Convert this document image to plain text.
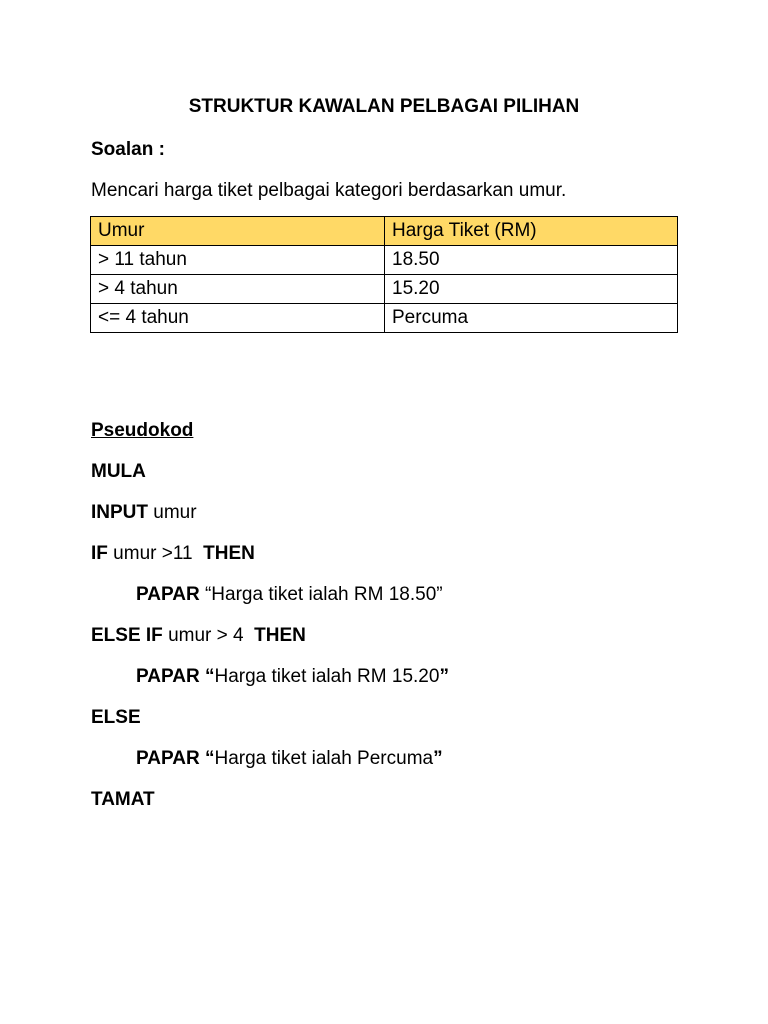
STRUKTUR KAWALAN PELBAGAI PILIHAN
Soalan :
Mencari harga tiket pelbagai kategori berdasarkan umur.
Umur	Harga Tiket (RM)
> 11 tahun	18.50
> 4 tahun	15.20
<= 4 tahun	Percuma
Pseudokod
MULA
INPUT umur
IF umur >11  THEN
PAPAR “Harga tiket ialah RM 18.50”
ELSE IF umur > 4  THEN
PAPAR “Harga tiket ialah RM 15.20”
ELSE
PAPAR “Harga tiket ialah Percuma”
TAMAT
